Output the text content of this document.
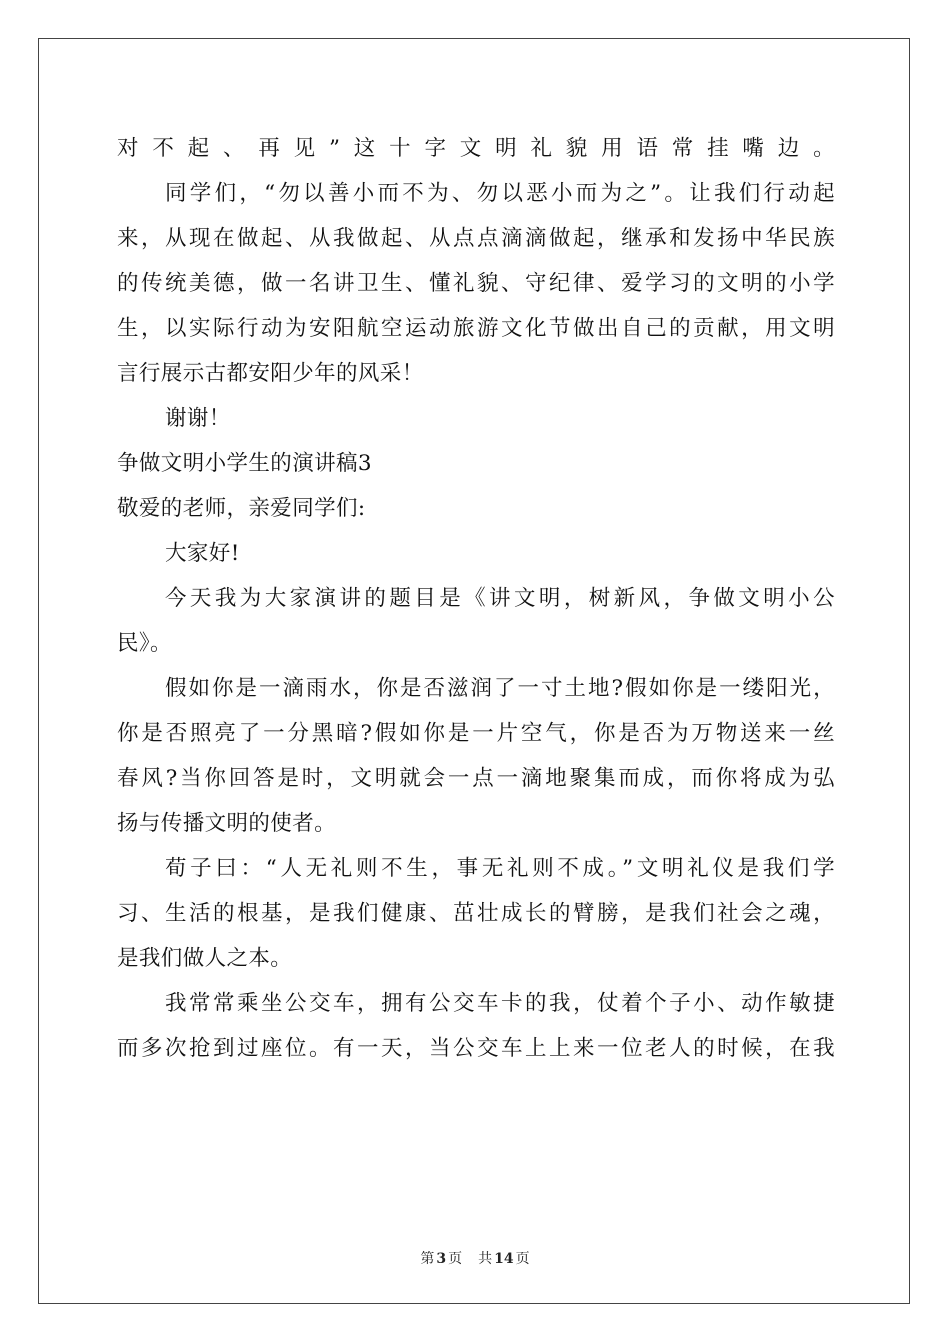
对不起、再见”这十字文明礼貌用语常挂嘴边。
同学们，“勿以善小而不为、勿以恶小而为之”。让我们行动起
来，从现在做起、从我做起、从点点滴滴做起，继承和发扬中华民族
的传统美德，做一名讲卫生、懂礼貌、守纪律、爱学习的文明的小学
生，以实际行动为安阳航空运动旅游文化节做出自己的贡献，用文明
言行展示古都安阳少年的风采！
谢谢！
争做文明小学生的演讲稿3
敬爱的老师，亲爱同学们:
大家好!
今天我为大家演讲的题目是《讲文明，树新风，争做文明小公
民》。
假如你是一滴雨水，你是否滋润了一寸土地?假如你是一缕阳光，
你是否照亮了一分黑暗?假如你是一片空气，你是否为万物送来一丝
春风?当你回答是时，文明就会一点一滴地聚集而成，而你将成为弘
扬与传播文明的使者。
荀子曰：“人无礼则不生，事无礼则不成。”文明礼仪是我们学
习、生活的根基，是我们健康、茁壮成长的臂膀，是我们社会之魂，
是我们做人之本。
我常常乘坐公交车，拥有公交车卡的我，仗着个子小、动作敏捷
而多次抢到过座位。有一天，当公交车上上来一位老人的时候，在我
第 3 页 共 14 页
